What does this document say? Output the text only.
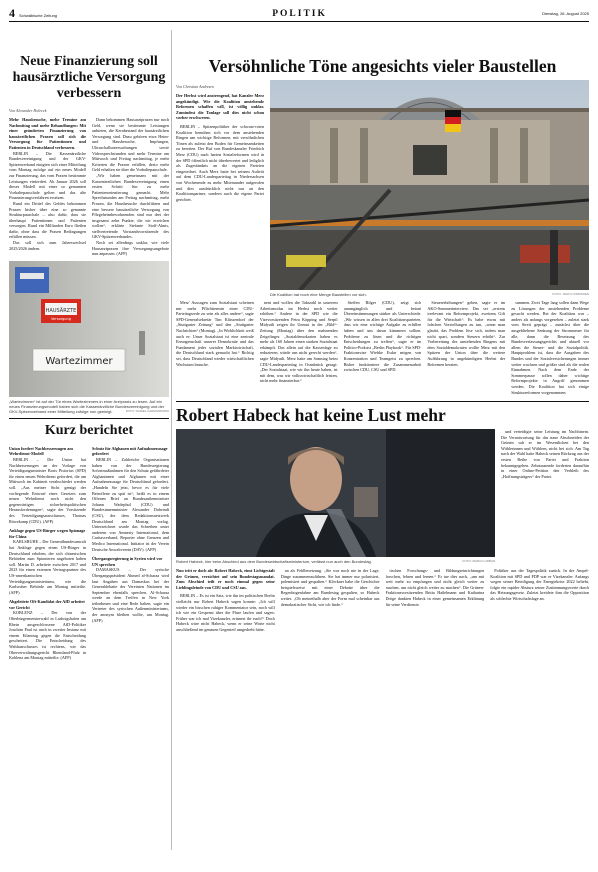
4 Schwäbische Zeitung	POLITIK	Dienstag, 26. August 2025
Neue Finanzierung soll hausärztliche Versorgung verbessern
Von Alexander Holecek

Mehr Hausbesuche, mehr Termine am Nachmittag und mehr Behandlungen: Mit einer geänderten Finanzierung von hausärztlichen Praxen soll sich die Versorgung für Patientinnen und Patienten in Deutschland verbessern.

BERLIN – Die Kassenärztliche Bundesvereinigung und der GKV-Spitzenverband einigten sich einer Mitteilung vom Montag zufolge auf ein neues Modell zur Finanzierung, das vom Praxen bestimmte Leistungen einfordert. Ab Januar 2026 soll dieses Modell mit einer so genannten Vorhaltepauschale gelten und das alte Finanzierungsverfahren ersetzen.

Rund ein Drittel des Geldes bekommen Praxen bisher über eine so genannte Strukturpauschale – also dafür, dass sie überhaupt Patientinnen und Patienten versorgen. Rund ein Milliarden Euro fließen dafür, ohne dass die Praxen Bedingungen erfüllen müssen.

Das soll sich zum Jahreswechsel 2025/2026 ändern.

Dann bekommen Hausarztpraxen nur noch Geld, wenn sie bestimmte Leistungen anbieten, die Kernbestand der hausärztlichen Versorgung sind. Dazu gehören etwa Heim- und Hausbesuche, Impfungen, Ultraschalluntersuchungen sowie Videosprechstunden und mehr Termine am Mittwoch und Freitag nachmittag, je mehr Kriterien die Praxen erfüllen, desto mehr Geld erhalten sie über die Vorhaltepauschale.

„Wir haben gemeinsam mit der Kassenärztlichen Bundesvereinigung einen ersten Schritt hin zu mehr Patientenorientierung gemacht. Mehr Sprechstunden am Freitag nachmittag, mehr Praxen, die Hausbesuche durchführen und eine bessere hausärztliche Versorgung von Pflegeheimbewohnenden sind nur drei der insgesamt zehn Punkte, die wir erreichen wollen“, erklärte Stefanie Stoff-Ahnis, stellvertretende Vorstandsvorsitzende des GKV-Spitzenverbandes.

Noch sei allerdings unklar, wie viele Hausarztpraxen ihre Versorgungsangebote nun anpassen. (AFP)

HAUSÄRZTE
Versorgung
Wartezimmer
„Wartezimmer“ ist auf der Tür eines Wartezimmers in einer Arztpraxis zu lesen. Auf ein neues Finanzierungsmodell haben sich die Kassenärztliche Bundesvereinigung und der GKV-Spitzenverband einer Mitteilung zufolge nun geeinigt.	FOTO: DANIEL KARMANN/DPA
Kurz berichtet
Union fordert Nachbesserungen am Wehrdienst-Modell

BERLIN – Die Union hat Nachbesserungen an der Vorlage von Verteidigungsminister Boris Pistorius (SPD) für einen neuen Wehrdienst gefordert, die am Mittwoch im Kabinett verabschiedet werden soll. „Aus meiner Sicht genügt der vorliegende Entwurf eines Gesetzes zum neuen Wehrdienst noch nicht den gegenwärtigen sicherheitspolitischen Herausforderungen“, sagte der Vorsitzende des Verteidigungsausschusses, Thomas Röwekamp (CDU). (AFP)

Anklage gegen US-Bürger wegen Spionage für China

KARLSRUHE – Der Generalbundesanwalt hat Anklage gegen einen US-Bürger in Deutschland erhoben, der sich chinesischen Behörden zum Spionieren angeboten haben soll. Martin D. arbeitete zwischen 2017 und 2023 für einen externen Vertragspartner des US-amerikanischen Verteidigungsministeriums, wie die Karlsruher Behörde am Montag mitteilte. (AFP)

Abgeleitete Oft-Kandidat der AfD arbeitet vor Gericht

KOBLENZ – Der von der Oberbürgermeisterwahl in Ludwigshafen am Rhein ausgeschlossene AfD-Politiker Joachim Paul ist auch in zweiter Instanz mit einem Eilantrag gegen die Entscheidung gescheitert. Die Entscheidung des Wahlausschusses ist rechtens, wie das Oberverwaltungsgericht Rheinland-Pfalz in Koblenz am Montag mitteilte. (AFP)

Schutz für Afghanen mit Aufnahmezusage gefordert

BERLIN – Zahlreiche Organisationen haben von der Bundesregierung Sofortmaßnahmen für den Schutz gefährdeter Afghaninnen und Afghanen mit einer Aufnahmezusage für Deutschland gefordert. „Handeln Sie jetzt, bevor es für viele Betroffene zu spät ist“, heißt es in einem Offenen Brief an Bundesaußenminister Johann Wadephul (CDU) und Bundesinnenminister Alexander Dobrindt (CSU), der dem Redaktionsnetzwerk Deutschland am Montag vorlag. Unterzeichnet wurde das Schreiben unter anderem von Amnesty International, dem Caritasverband, Reporter ohne Grenzen und Medico International. Initiator ist der Verein Deutsche Anwaltverein (DAV). (AFP)

Übergangsregierung in Syrien wird vor UN sprechen

DAMASKUS – Der syrische Übergangspräsident Ahmed al-Scharaa wird laut Angaben aus Damaskus bei der Generaldebatte der Vereinten Nationen im September ebenfalls sprechen. Al-Scharaa werde an dem Treffen in New York teilnehmen und eine Rede halten, sagte ein Vertreter des syrischen Außenministeriums, der anonym bleiben wollte, am Montag. (AFP)

Versöhnliche Töne angesichts vieler Baustellen
Von Christian Andresen

Der Herbst wird anstrengend, hat Kanzler Merz angekündigt. Wie die Koalition anstehende Reformen schaffen will, ist völlig unklar. Zumindest die Tonlage soll dies nicht schon vorher erschweren.

BERLIN – Spitzenpolitiker der schwarz-roten Koalition bemühen sich vor dem anstehenden Ringen um wichtige Reformen, mit versöhnlichen Tönen als zuletzt den Boden für Gemeinsamkeiten zu bereiten. Der Ruf von Bundeskanzler Friedrich Merz (CDU) nach harten Sozialreformen wird in der SPD öffentlich nicht überbewertet und lediglich als Zugeständnis an die eigenen Parteien eingeordnet. Auch Merz hatte bei seinem Auftritt auf dem CDU-Landesparteitag in Niedersachsen von Wochenende zu mehr Miteinander aufgerufen und dies ausdrücklich nicht nur an den Koalitionspartner, sondern auch die eigene Partei gerichtet.

Die Koalition hat noch eine Menge Baustellen vor sich.	FOTO: JOHN LIVZ/DADEN

Merz' Aussagen zum Sozialstaat scheinen mir mehr Pflichttermin einer CDU-Parteitagsrede zu sein als alles andere“, sagte SPD-Generalsekretär Tim Klüssendorf der „Stuttgarter Zeitung“ und den „Stuttgarter Nachrichten“ (Montag). „In Wirklichkeit weiß auch er: Unser Sozialstaat ist eine zentrale Errungenschaft unserer Demokratie und das Fundament jeder sozialen Marktwirtschaft, die Deutschland stark gemacht hat.“ Richtig sei, dass Deutschland wieder wirtschaftlichen Wachstum brauche.

nent und wollen die Taktzahl in unserem Arbeitsmodus im Herbst noch weiter erhöhen.“ Andere in der SPD wie die Vizevorsitzenden Petra Köpping und Serpil Midyatli zeigen ihr Unmut in der „Bild“-Zeitung (Montag) über den mahnenden Zeigefinger. „Sozialdemokraten haben es mehr als 160 Jahren einen starken Sozialstaat erkämpft. Das allein auf die Kassenlage zu reduzieren, würde uns nicht gerecht werden“, sagte Midyatli. Merz hatte am Samstag beim CDU-Landesparteitag in Osnabrück gesagt: „Der Sozialstaat, wie wir ihn heute haben, ist mit dem, was wir volkswirtschaftlich leisten, nicht mehr finanzierbar.“

Steffen Bilger (CDU), zeigt sich unumgänglich und betont Übereinstimmungen stärker als Unterschiede. „Wir wissen in allen drei Koalitionsparteien, dass wir eine wichtige Aufgabe zu erfüllen haben und uns daran kümmern sollten. Probleme zu lösen und die richtigen Entscheidungen zu treffen“, sagte er im Politico-Podcast „Berlin Playbook“. Für SPD-Fraktionsvize Wiebke Esdar mögen von Konzentration und Teamgeist zu sprechen. Bisher funktioniere die Zusammenarbeit zwischen CDU, CSU und SPD.

Steuererhöhungen“ gehen, sagte er im AKO-Sommerinterview. Das sei „erstens irrelevant ein Reformprojekt, zweitens Gift für die Wirtschaft“. Es habe etwas mit falschen Vorstellungen zu tun, „wenn man glaubt, das Problem löse sich, indem man nicht spart, sondern Steuern erhöht“. Zur Vorbereitung des anstehenden Ringens mit dem Sozialdemokraten wollte Merz mit den Spitzen der Union über die weitere Aufführung in angekündigten Herbst der Reformen beraten.

sammen. Zwei Tage lang sollen dann Wege zu Lösungen der anstehenden Probleme gesucht werden. Bei der Koalition war – anders als anfangs vorgesehen – zuletzt stark vom Streit geprägt – zunächst über die ausgebliebene Senkung der Stromsteuer für alle, dann die Besetzung des Bundesverfassungsgerichts und aktuell vor allem die Steuer- und die Sozialpolitik. Hauptproblem ist, dass die Ausgaben des Bundes und der Sozialversicherungen immer weiter wachsen und größer sind als die realen Einnahmen. Nach dem Ende der Sommerpause sollen daher wichtige Reformprojekte in Angriff genommen werden. Die Koalition hat sich einige Strukturreformen vorgenommen.

Robert Habeck hat keine Lust mehr
Robert Habeck, hier beim Abschied aus dem Bundeswirtschaftsministerium, verlässt nun auch den Bundestag.	FOTO: MARCO URBAN

und verteidigte seine Leistung im Nachhinein. Die Verantwortung für das naue Abschneiden der Grünen sah er im Wesentlichen bei den Wählerinnen und Wählern, nicht bei sich. Am Tag nach der Wahl hatte Habeck seinen Rückzug aus der ersten Reihe von Partei und Fraktion bekanntgegeben. Zehntausende forderten daraufhin in einer Online-Petition den Verbleib des „Hoffnungsträgers“ der Partei.

Nun tritt er doch ab: Robert Habeck, einst Lichtgestalt der Grünen, verzichtet auf sein Bundestagsmandat. Zum Abschied teilt er noch einmal gegen seine Lieblingsfeinde von CDU und CSU aus.

BERLIN – Es ist ein Satz, wie ihn im politischen Berlin vielleicht nur Robert Habeck sagen konnte: „Ich will wieder ein bisschen ruhiger Kommentator sein, noch will ich wie ein Gespenst über die Flure laufen und sagen: Früher war ich mal Vizekanzler, erinnert ihr euch?“ Doch Habeck wäre nicht Habeck, wenn er seine Worte nicht anschließend im genauen Gegenteil umgedreht hätte.

an als Fehlbesetzung. „Sie war noch nie in der Lage, Dinge zusammenzuführen. Sie hat immer nur polarisiert, polemisiert und gespalten.“ Klöckner habe die Geschichte beispielsweise mit einer Debatte über die Regenbogenfahne am Bundestag gespalten, so Habeck weiter. „Ob meinethalb aber der Form mal scheinbar aus demokratischer Sicht, wie ich finde.“

tischen Forschungs- und Bildungseinrichtungen forschen, lehren und lernen.“ Er tue dies nach, „um mit weit mehr zu empfangen und nicht gleich weiter zu machen, um nicht gleich weiter zu machen“. Die Grünen-Fraktionsvorsitzenden Britta Haßelmann und Katharina Dröge dankten Habeck in einer gemeinsamen Erklärung für seine Verdienste.

Politiker aus der Tagespolitik zurück. In der Ampel-Koalition mit SPD und FDP war er Vizekanzler. Anfangs wegen seiner Beteiligung der Energiekrise 2022 beliebt, folgte ein rapider Absturz seiner Zustimmungswerte durch das Heizungsgesetz. Zuletzt kreidete ihm die Opposition als schlechte Wirtschaftslage an.
